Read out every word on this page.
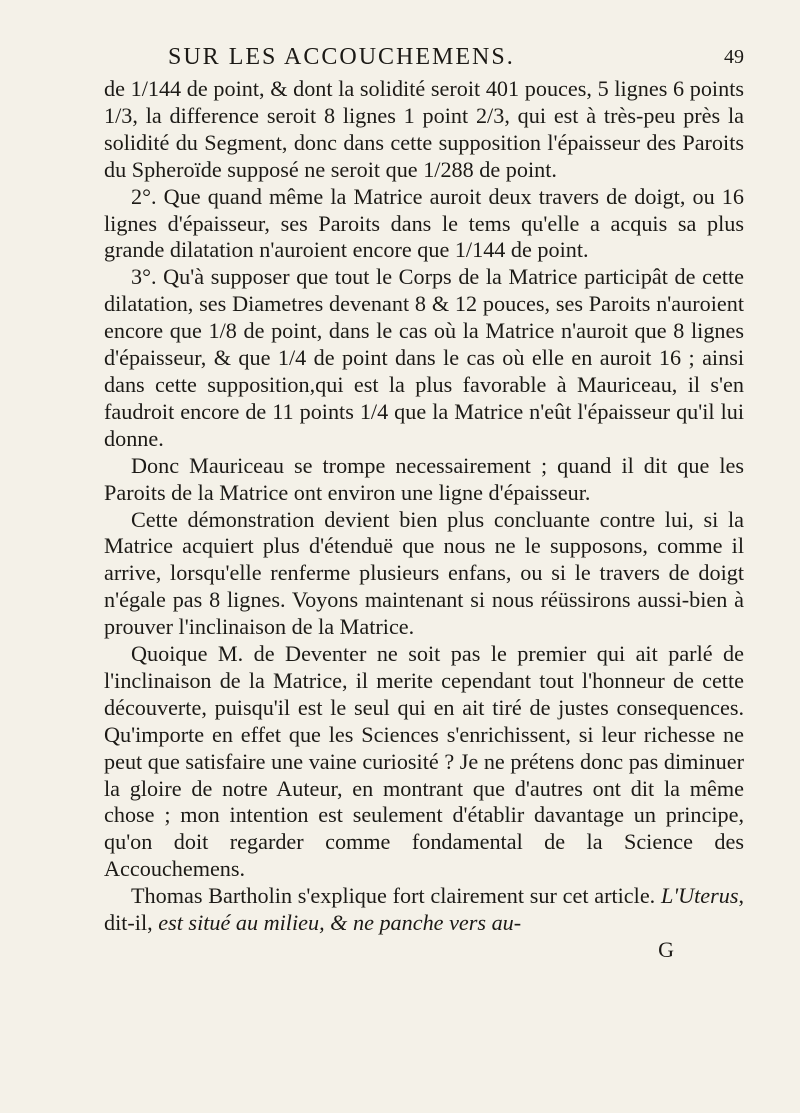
SUR LES ACCOUCHEMENS.	49

de 1/144 de point, & dont la solidité seroit 401 pouces, 5 lignes 6 points 1/3, la difference seroit 8 lignes 1 point 2/3, qui est à très-peu près la solidité du Segment, donc dans cette supposition l'épaisseur des Paroits du Spheroïde supposé ne seroit que 1/288 de point.

2°. Que quand même la Matrice auroit deux travers de doigt, ou 16 lignes d'épaisseur, ses Paroits dans le tems qu'elle a acquis sa plus grande dilatation n'auroient encore que 1/144 de point.

3°. Qu'à supposer que tout le Corps de la Matrice participât de cette dilatation, ses Diametres devenant 8 & 12 pouces, ses Paroits n'auroient encore que 1/8 de point, dans le cas où la Matrice n'auroit que 8 lignes d'épaisseur, & que 1/4 de point dans le cas où elle en auroit 16 ; ainsi dans cette supposition,qui est la plus favorable à Mauriceau, il s'en faudroit encore de 11 points 1/4 que la Matrice n'eût l'épaisseur qu'il lui donne.

Donc Mauriceau se trompe necessairement ; quand il dit que les Paroits de la Matrice ont environ une ligne d'épaisseur.

Cette démonstration devient bien plus concluante contre lui, si la Matrice acquiert plus d'étenduë que nous ne le supposons, comme il arrive, lorsqu'elle renferme plusieurs enfans, ou si le travers de doigt n'égale pas 8 lignes. Voyons maintenant si nous réüssirons aussi-bien à prouver l'inclinaison de la Matrice.

Quoique M. de Deventer ne soit pas le premier qui ait parlé de l'inclinaison de la Matrice, il merite cependant tout l'honneur de cette découverte, puisqu'il est le seul qui en ait tiré de justes consequences. Qu'importe en effet que les Sciences s'enrichissent, si leur richesse ne peut que satisfaire une vaine curiosité ? Je ne prétens donc pas diminuer la gloire de notre Auteur, en montrant que d'autres ont dit la même chose ; mon intention est seulement d'établir davantage un principe, qu'on doit regarder comme fondamental de la Science des Accouchemens.

Thomas Bartholin s'explique fort clairement sur cet article. L'Uterus, dit-il, est situé au milieu, & ne panche vers au-

G
